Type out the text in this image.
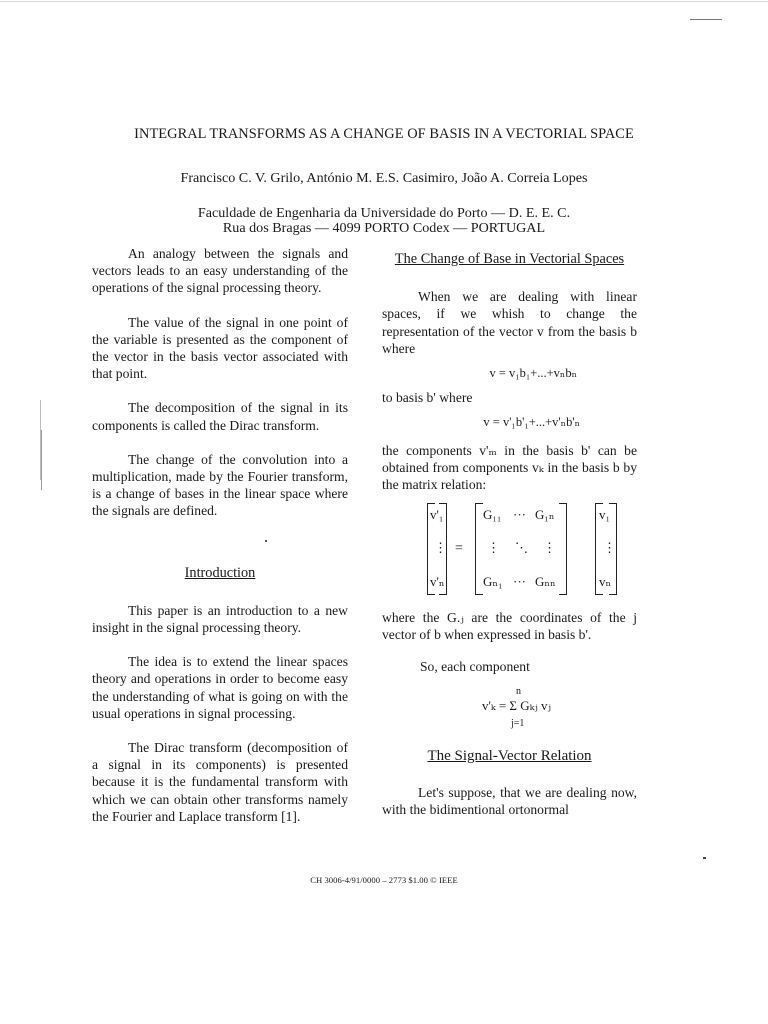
INTEGRAL TRANSFORMS AS A CHANGE OF BASIS IN A VECTORIAL SPACE
Francisco C. V. Grilo, António M. E.S. Casimiro, João A. Correia Lopes
Faculdade de Engenharia da Universidade do Porto — D. E. E. C.
Rua dos Bragas — 4099 PORTO Codex — PORTUGAL

An analogy between the signals and vectors leads to an easy understanding of the operations of the signal processing theory.

The value of the signal in one point of the variable is presented as the component of the vector in the basis vector associated with that point.

The decomposition of the signal in its components is called the Dirac transform.

The change of the convolution into a multiplication, made by the Fourier transform, is a change of bases in the linear space where the signals are defined.

Introduction

This paper is an introduction to a new insight in the signal processing theory.

The idea is to extend the linear spaces theory and operations in order to become easy the understanding of what is going on with the usual operations in signal processing.

The Dirac transform (decomposition of a signal in its components) is presented because it is the fundamental transform with which we can obtain other transforms namely the Fourier and Laplace transform [1].

The Change of Base in Vectorial Spaces

When we are dealing with linear spaces, if we whish to change the representation of the vector v from the basis b where

v = v₁b₁+...+vₙbₙ

to basis b' where

v = v'₁b'₁+...+v'ₙb'ₙ

the components v'ₘ in the basis b' can be obtained from components vₖ in the basis b by the matrix relation:

v'₁
⋮
v'ₙ
=
G₁₁ ··· G₁ₙ
⋮ ⋱ ⋮
Gₙ₁ ··· Gₙₙ
v₁
⋮
vₙ

where the G.ⱼ are the coordinates of the j vector of b when expressed in basis b'.

So, each component

n
v'ₖ = Σ Gₖⱼ vⱼ
j=1

The Signal-Vector Relation

Let's suppose, that we are dealing now, with the bidimentional ortonormal

CH 3006-4/91/0000 – 2773 $1.00 © IEEE
